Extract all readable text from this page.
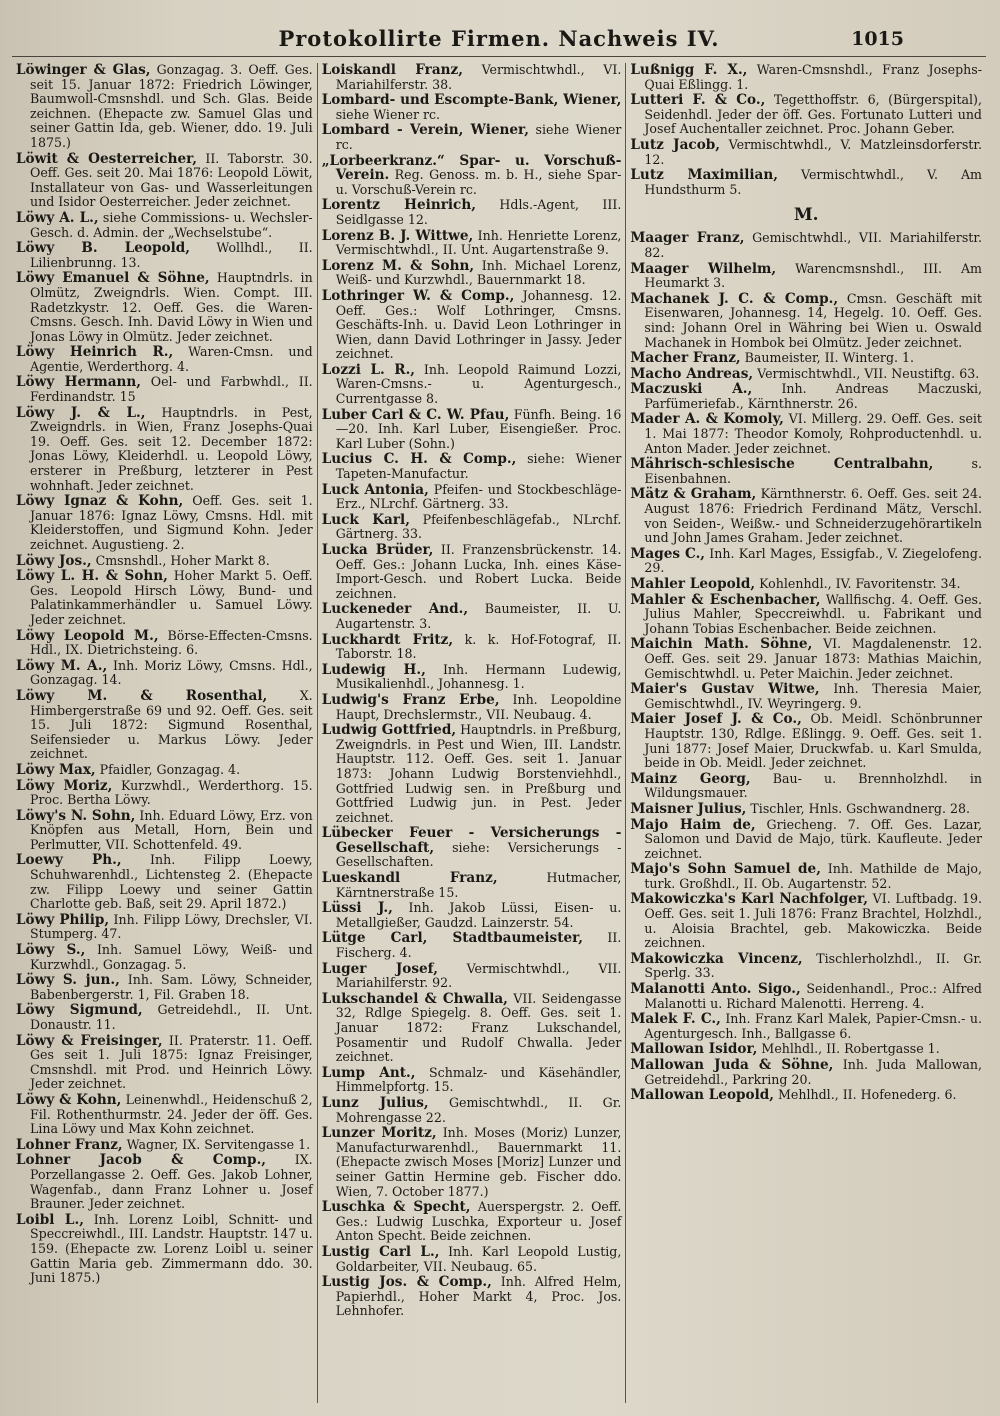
Protokollirte Firmen. Nachweis IV.	1015

Löwinger & Glas, Gonzagag. 3. Oeff. Ges. seit 15. Januar 1872: Friedrich Löwinger, Baumwoll-Cmsnshdl. und Sch. Glas. Beide zeichnen. (Ehepacte zw. Samuel Glas und seiner Gattin Ida, geb. Wiener, ddo. 19. Juli 1875.)

Löwit & Oesterreicher, II. Taborstr. 30. Oeff. Ges. seit 20. Mai 1876: Leopold Löwit, Installateur von Gas- und Wasserleitungen und Isidor Oesterreicher. Jeder zeichnet.

Löwy A. L., siehe Commissions- u. Wechsler-Gesch. d. Admin. der „Wechselstube“.

Löwy B. Leopold, Wollhdl., II. Lilienbrunng. 13.

Löwy Emanuel & Söhne, Hauptndrls. in Olmütz, Zweigndrls. Wien. Compt. III. Radetzkystr. 12. Oeff. Ges. die Waren-Cmsns. Gesch. Inh. David Löwy in Wien und Jonas Löwy in Olmütz. Jeder zeichnet.

Löwy Heinrich R., Waren-Cmsn. und Agentie, Werderthorg. 4.

Löwy Hermann, Oel- und Farbwhdl., II. Ferdinandstr. 15

Löwy J. & L., Hauptndrls. in Pest, Zweigndrls. in Wien, Franz Josephs-Quai 19. Oeff. Ges. seit 12. December 1872: Jonas Löwy, Kleiderhdl. u. Leopold Löwy, ersterer in Preßburg, letzterer in Pest wohnhaft. Jeder zeichnet.

Löwy Ignaz & Kohn, Oeff. Ges. seit 1. Januar 1876: Ignaz Löwy, Cmsns. Hdl. mit Kleiderstoffen, und Sigmund Kohn. Jeder zeichnet. Augustieng. 2.

Löwy Jos., Cmsnshdl., Hoher Markt 8.

Löwy L. H. & Sohn, Hoher Markt 5. Oeff. Ges. Leopold Hirsch Löwy, Bund- und Palatinkammerhändler u. Samuel Löwy. Jeder zeichnet.

Löwy Leopold M., Börse-Effecten-Cmsns. Hdl., IX. Dietrichsteing. 6.

Löwy M. A., Inh. Moriz Löwy, Cmsns. Hdl., Gonzagag. 14.

Löwy M. & Rosenthal,	X. Himbergerstraße 69 und 92. Oeff. Ges. seit 15. Juli 1872: Sigmund Rosenthal, Seifensieder u. Markus Löwy. Jeder zeichnet.

Löwy Max, Pfaidler, Gonzagag. 4.

Löwy Moriz, Kurzwhdl., Werderthorg. 15. Proc. Bertha Löwy.

Löwy's N. Sohn, Inh. Eduard Löwy, Erz. von Knöpfen aus Metall, Horn, Bein und Perlmutter, VII. Schottenfeld. 49.

Loewy Ph., Inh. Filipp Loewy, Schuhwarenhdl., Lichtensteg 2. (Ehepacte zw. Filipp Loewy und seiner Gattin Charlotte geb. Baß, seit 29. April 1872.)

Löwy Philip, Inh. Filipp Löwy, Drechsler, VI. Stumperg. 47.

Löwy S., Inh. Samuel Löwy, Weiß- und Kurzwhdl., Gonzagag. 5.

Löwy S. jun., Inh. Sam. Löwy, Schneider, Babenbergerstr. 1, Fil. Graben 18.

Löwy Sigmund, Getreidehdl., II. Unt. Donaustr. 11.

Löwy & Freisinger, II. Praterstr. 11. Oeff. Ges seit 1. Juli 1875: Ignaz Freisinger, Cmsnshdl. mit Prod. und Heinrich Löwy. Jeder zeichnet.

Löwy & Kohn, Leinenwhdl., Heidenschuß 2, Fil. Rothenthurmstr. 24. Jeder der öff. Ges. Lina Löwy und Max Kohn zeichnet.

Lohner Franz, Wagner, IX. Servitengasse 1.

Lohner Jacob & Comp., IX. Porzellangasse 2. Oeff. Ges. Jakob Lohner, Wagenfab., dann Franz Lohner u. Josef Brauner. Jeder zeichnet.

Loibl L., Inh. Lorenz Loibl, Schnitt- und Speccreiwhdl., III. Landstr. Hauptstr. 147 u. 159. (Ehepacte zw. Lorenz Loibl u. seiner Gattin Maria geb. Zimmermann ddo. 30. Juni 1875.)

Loiskandl Franz, Vermischtwhdl., VI. Mariahilferstr. 38.

Lombard- und Escompte-Bank, Wiener, siehe Wiener rc.

Lombard - Verein, Wiener, siehe Wiener rc.

„Lorbeerkranz.“ Spar- u. Vorschuß-Verein. Reg. Genoss. m. b. H., siehe Spar- u. Vorschuß-Verein rc.

Lorentz Heinrich, Hdls.-Agent, III. Seidlgasse 12.

Lorenz B. J. Wittwe, Inh. Henriette Lorenz, Vermischtwhdl., II. Unt. Augartenstraße 9.

Lorenz M. & Sohn, Inh. Michael Lorenz, Weiß- und Kurzwhdl., Bauernmarkt 18.

Lothringer W. & Comp., Johannesg. 12. Oeff. Ges.: Wolf Lothringer, Cmsns. Geschäfts-Inh. u. David Leon Lothringer in Wien, dann David Lothringer in Jassy. Jeder zeichnet.

Lozzi L. R., Inh. Leopold Raimund Lozzi, Waren-Cmsns.- u. Agenturgesch., Currentgasse 8.

Luber Carl & C. W. Pfau, Fünfh. Being. 16—20. Inh. Karl Luber, Eisengießer. Proc. Karl Luber (Sohn.)

Lucius C. H. & Comp., siehe: Wiener Tapeten-Manufactur.

Luck Antonia, Pfeifen- und Stockbeschläge-Erz., NLrchf. Gärtnerg. 33.

Luck Karl, Pfeifenbeschlägefab., NLrchf. Gärtnerg. 33.

Lucka Brüder, II. Franzensbrückenstr. 14. Oeff. Ges.: Johann Lucka, Inh. eines Käse-Import-Gesch. und Robert Lucka. Beide zeichnen.

Luckeneder And., Baumeister, II. U. Augartenstr. 3.

Luckhardt Fritz, k. k. Hof-Fotograf, II. Taborstr. 18.

Ludewig H., Inh. Hermann Ludewig, Musikalienhdl., Johannesg. 1.

Ludwig's Franz Erbe, Inh. Leopoldine Haupt, Drechslermstr., VII. Neubaug. 4.

Ludwig Gottfried, Hauptndrls. in Preßburg, Zweigndrls. in Pest und Wien, III. Landstr. Hauptstr. 112. Oeff. Ges. seit 1. Januar 1873: Johann Ludwig Borstenviehhdl., Gottfried Ludwig sen. in Preßburg und Gottfried Ludwig jun. in Pest. Jeder zeichnet.

Lübecker Feuer - Versicherungs - Gesellschaft, siehe: Versicherungs - Gesellschaften.

Lueskandl Franz,	Hutmacher, Kärntnerstraße 15.

Lüssi J., Inh. Jakob Lüssi, Eisen- u. Metallgießer, Gaudzd. Lainzerstr. 54.

Lütge Carl, Stadtbaumeister, II. Fischerg. 4.

Luger Josef, Vermischtwhdl., VII. Mariahilferstr. 92.

Lukschandel & Chwalla, VII. Seidengasse 32, Rdlge Spiegelg. 8. Oeff. Ges. seit 1. Januar 1872: Franz Lukschandel, Posamentir und Rudolf Chwalla. Jeder zeichnet.

Lump Ant., Schmalz- und Käsehändler, Himmelpfortg. 15.

Lunz Julius, Gemischtwhdl., II. Gr. Mohrengasse 22.

Lunzer Moritz, Inh. Moses (Moriz) Lunzer, Manufacturwarenhdl., Bauernmarkt 11. (Ehepacte zwisch Moses [Moriz] Lunzer und seiner Gattin Hermine geb. Fischer ddo. Wien, 7. October 1877.)

Luschka & Specht, Auerspergstr. 2. Oeff. Ges.: Ludwig Luschka, Exporteur u. Josef Anton Specht. Beide zeichnen.

Lustig Carl L., Inh. Karl Leopold Lustig, Goldarbeiter, VII. Neubaug. 65.

Lustig Jos. & Comp., Inh. Alfred Helm, Papierhdl., Hoher Markt 4, Proc. Jos. Lehnhofer.

Lußnigg F. X., Waren-Cmsnshdl., Franz Josephs-Quai Eßlingg. 1.

Lutteri F. & Co., Tegetthoffstr. 6, (Bürgerspital), Seidenhdl. Jeder der öff. Ges. Fortunato Lutteri und Josef Auchentaller zeichnet. Proc. Johann Geber.

Lutz Jacob, Vermischtwhdl., V. Matzleinsdorferstr. 12.

Lutz Maximilian, Vermischtwhdl., V. Am Hundsthurm 5.

M.

Maager Franz, Gemischtwhdl., VII. Mariahilferstr. 82.

Maager Wilhelm, Warencmsnshdl., III. Am Heumarkt 3.

Machanek J. C. & Comp., Cmsn. Geschäft mit Eisenwaren, Johannesg. 14, Hegelg. 10. Oeff. Ges. sind: Johann Orel in Währing bei Wien u. Oswald Machanek in Hombok bei Olmütz. Jeder zeichnet.

Macher Franz, Baumeister, II. Winterg. 1.

Macho Andreas, Vermischtwhdl., VII. Neustiftg. 63.

Maczuski A., Inh. Andreas Maczuski, Parfümeriefab., Kärnthnerstr. 26.

Mader A. & Komoly, VI. Millerg. 29. Oeff. Ges. seit 1. Mai 1877: Theodor Komoly, Rohproductenhdl. u. Anton Mader. Jeder zeichnet.

Mährisch-schlesische Centralbahn,	s. Eisenbahnen.

Mätz & Graham, Kärnthnerstr. 6. Oeff. Ges. seit 24. August 1876: Friedrich Ferdinand Mätz, Verschl. von Seiden-, Weißw.- und Schneiderzugehörartikeln und John James Graham. Jeder zeichnet.

Mages C., Inh. Karl Mages, Essigfab., V. Ziegelofeng. 29.

Mahler Leopold, Kohlenhdl., IV. Favoritenstr. 34.

Mahler & Eschenbacher, Wallfischg. 4. Oeff. Ges. Julius Mahler, Speccreiwhdl. u. Fabrikant und Johann Tobias Eschenbacher. Beide zeichnen.

Maichin Math. Söhne, VI. Magdalenenstr. 12. Oeff. Ges. seit 29. Januar 1873: Mathias Maichin, Gemischtwhdl. u. Peter Maichin. Jeder zeichnet.

Maier's Gustav Witwe, Inh. Theresia Maier, Gemischtwhdl., IV. Weyringerg. 9.

Maier Josef J. & Co., Ob. Meidl. Schönbrunner Hauptstr. 130, Rdlge. Eßlingg. 9. Oeff. Ges. seit 1. Juni 1877: Josef Maier, Druckwfab. u. Karl Smulda, beide in Ob. Meidl. Jeder zeichnet.

Mainz Georg, Bau- u. Brennholzhdl. in Wildungsmauer.

Maisner Julius, Tischler, Hnls. Gschwandnerg. 28.

Majo Haim de, Griecheng. 7. Off. Ges. Lazar, Salomon und David de Majo, türk. Kaufleute. Jeder zeichnet.

Majo's Sohn Samuel de, Inh. Mathilde de Majo, turk. Großhdl., II. Ob. Augartenstr. 52.

Makowiczka's Karl Nachfolger, VI. Luftbadg. 19. Oeff. Ges. seit 1. Juli 1876: Franz Brachtel, Holzhdl., u. Aloisia Brachtel, geb. Makowiczka. Beide zeichnen.

Makowiczka Vincenz, Tischlerholzhdl., II. Gr. Sperlg. 33.

Malanotti Anto. Sigo., Seidenhandl., Proc.: Alfred Malanotti u. Richard Malenotti. Herreng. 4.

Malek F. C., Inh. Franz Karl Malek, Papier-Cmsn.- u. Agenturgesch. Inh., Ballgasse 6.

Mallowan Isidor, Mehlhdl., II. Robertgasse 1.

Mallowan Juda & Söhne, Inh. Juda Mallowan, Getreidehdl., Parkring 20.

Mallowan Leopold, Mehlhdl., II. Hofenederg. 6.
